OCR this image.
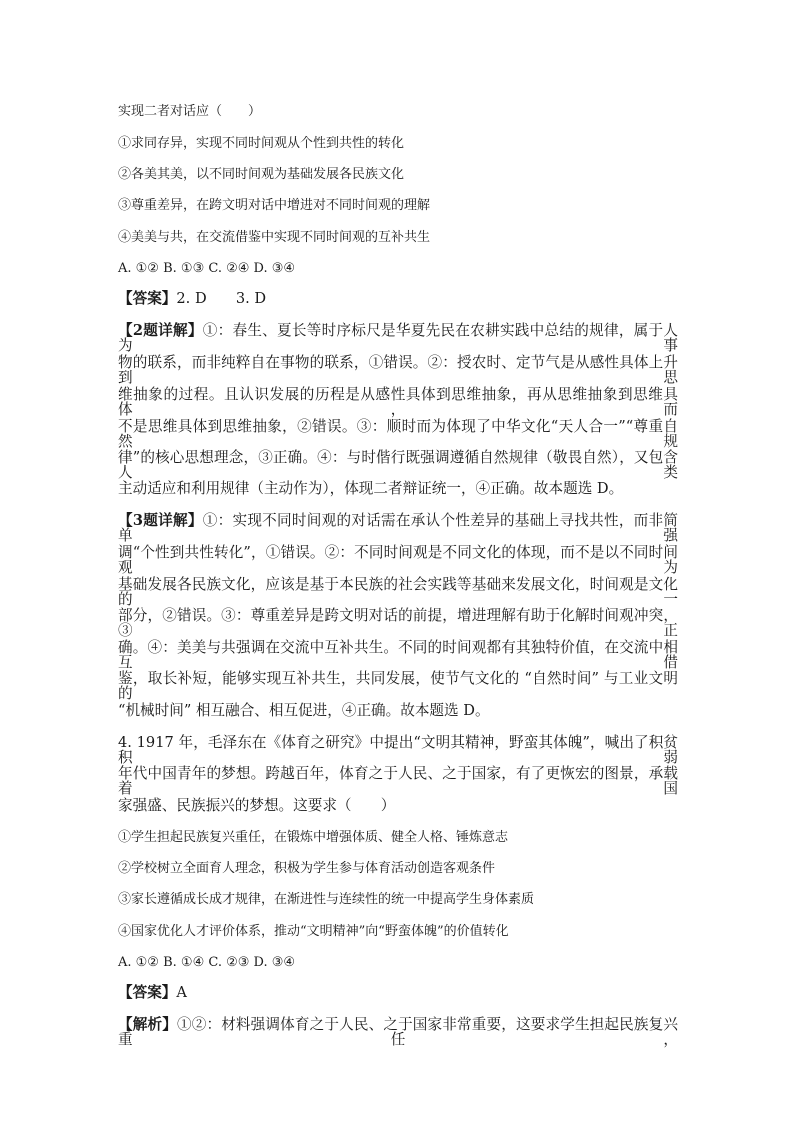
实现二者对话应（　　）
①求同存异，实现不同时间观从个性到共性的转化
②各美其美，以不同时间观为基础发展各民族文化
③尊重差异，在跨文明对话中增进对不同时间观的理解
④美美与共，在交流借鉴中实现不同时间观的互补共生
A. ①② B. ①③ C. ②④ D. ③④
【答案】2. D　　3. D
【2题详解】①：春生、夏长等时序标尺是华夏先民在农耕实践中总结的规律，属于人为事
物的联系，而非纯粹自在事物的联系，①错误。②：授农时、定节气是从感性具体上升到思
维抽象的过程。且认识发展的历程是从感性具体到思维抽象，再从思维抽象到思维具体，而
不是思维具体到思维抽象，②错误。③：顺时而为体现了中华文化“天人合一”“尊重自然规
律”的核心思想理念，③正确。④：与时偕行既强调遵循自然规律（敬畏自然），又包含人类
主动适应和利用规律（主动作为），体现二者辩证统一，④正确。故本题选 D。
【3题详解】①：实现不同时间观的对话需在承认个性差异的基础上寻找共性，而非简单强
调“个性到共性转化”，①错误。②：不同时间观是不同文化的体现，而不是以不同时间观为
基础发展各民族文化，应该是基于本民族的社会实践等基础来发展文化，时间观是文化的一
部分，②错误。③：尊重差异是跨文明对话的前提，增进理解有助于化解时间观冲突，③正
确。④：美美与共强调在交流中互补共生。不同的时间观都有其独特价值，在交流中相互借
鉴，取长补短，能够实现互补共生，共同发展，使节气文化的 “自然时间” 与工业文明的
“机械时间” 相互融合、相互促进，④正确。故本题选 D。
4. 1917 年，毛泽东在《体育之研究》中提出“文明其精神，野蛮其体魄”，喊出了积贫积弱
年代中国青年的梦想。跨越百年，体育之于人民、之于国家，有了更恢宏的图景，承载着国
家强盛、民族振兴的梦想。这要求（　　）
①学生担起民族复兴重任，在锻炼中增强体质、健全人格、锤炼意志
②学校树立全面育人理念，积极为学生参与体育活动创造客观条件
③家长遵循成长成才规律，在渐进性与连续性的统一中提高学生身体素质
④国家优化人才评价体系，推动“文明精神”向“野蛮体魄”的价值转化
A. ①② B. ①④ C. ②③ D. ③④
【答案】A
【解析】①②：材料强调体育之于人民、之于国家非常重要，这要求学生担起民族复兴重任，
